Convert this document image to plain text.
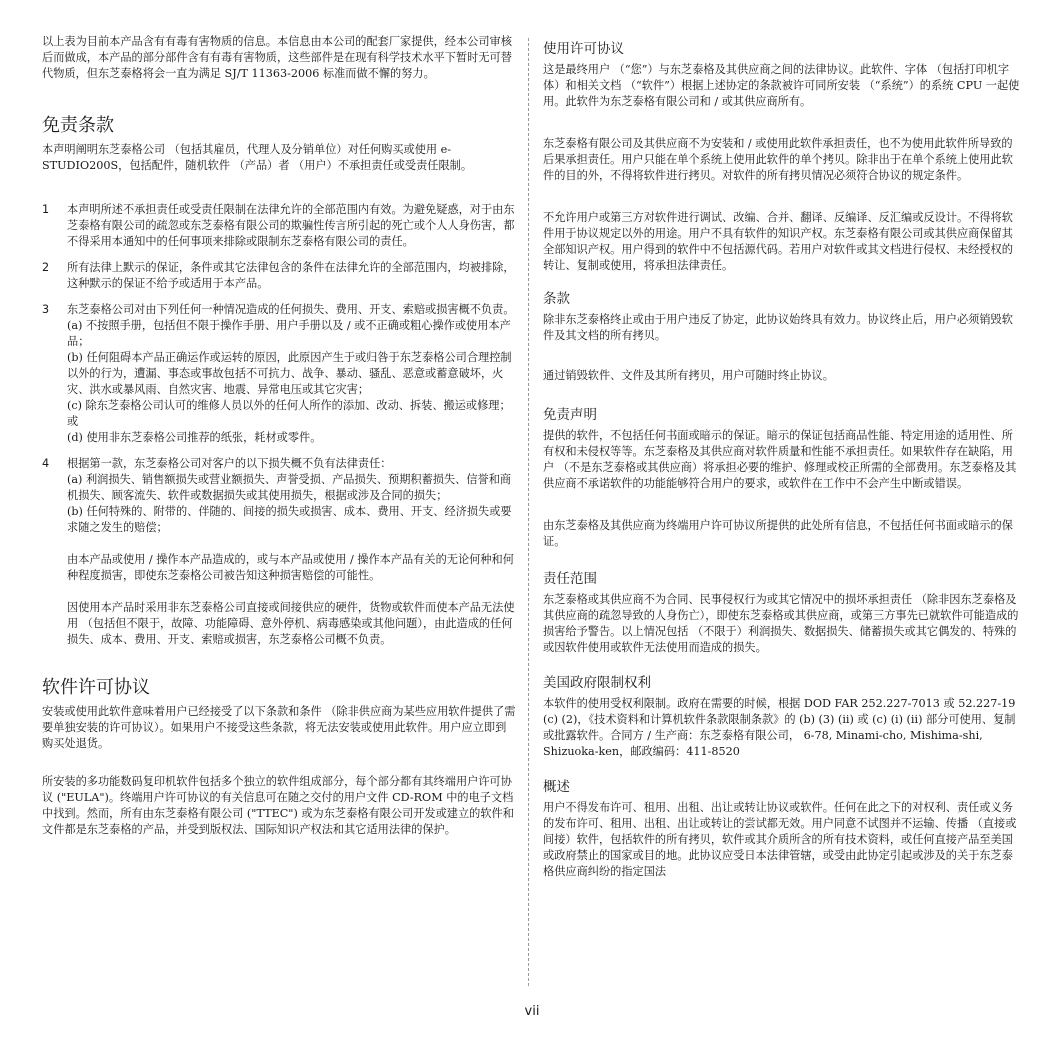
以上表为目前本产品含有有毒有害物质的信息。本信息由本公司的配套厂家提供，经本公司审核后而做成，本产品的部分部件含有有毒有害物质，这些部件是在现有科学技术水平下暂时无可替代物质，但东芝泰格将会一直为满足 SJ/T 11363-2006 标准而做不懈的努力。

免责条款

本声明阐明东芝泰格公司 （包括其雇员，代理人及分销单位）对任何购买或使用 e-STUDIO200S，包括配件，随机软件 （产品）者 （用户）不承担责任或受责任限制。

1	本声明所述不承担责任或受责任限制在法律允许的全部范围内有效。为避免疑惑，对于由东芝泰格有限公司的疏忽或东芝泰格有限公司的欺骗性传言所引起的死亡或个人人身伤害，都不得采用本通知中的任何事项来排除或限制东芝泰格有限公司的责任。

2	所有法律上默示的保证，条件或其它法律包含的条件在法律允许的全部范围内，均被排除，这种默示的保证不给予或适用于本产品。

3	东芝泰格公司对由下列任何一种情况造成的任何损失、费用、开支、索赔或损害概不负责。

(a) 不按照手册，包括但不限于操作手册、用户手册以及 / 或不正确或粗心操作或使用本产品；

(b) 任何阻碍本产品正确运作或运转的原因，此原因产生于或归咎于东芝泰格公司合理控制以外的行为，遭漏、事态或事故包括不可抗力、战争、暴动、骚乱、恶意或蓄意破坏，火灾、洪水或暴风雨、自然灾害、地震、异常电压或其它灾害；

(c) 除东芝泰格公司认可的维修人员以外的任何人所作的添加、改动、拆装、搬运或修理；或

(d) 使用非东芝泰格公司推荐的纸张，耗材或零件。

4	根据第一款，东芝泰格公司对客户的以下损失概不负有法律责任：

(a) 利润损失、销售额损失或营业额损失、声誉受损、产品损失、预期积蓄损失、信誉和商机损失、顾客流失、软件或数据损失或其使用损失，根据或涉及合同的损失；

(b) 任何特殊的、附带的、伴随的、间接的损失或损害、成本、费用、开支、经济损失或要求随之发生的赔偿；

由本产品或使用 / 操作本产品造成的，或与本产品或使用 / 操作本产品有关的无论何种和何种程度损害，即使东芝泰格公司被告知这种损害赔偿的可能性。

因使用本产品时采用非东芝泰格公司直接或间接供应的硬件，货物或软件而使本产品无法使用 （包括但不限于，故障、功能障碍、意外停机、病毒感染或其他问题），由此造成的任何损失、成本、费用、开支、索赔或损害，东芝泰格公司概不负责。

软件许可协议

安装或使用此软件意味着用户已经接受了以下条款和条件 （除非供应商为某些应用软件提供了需要单独安装的许可协议）。如果用户不接受这些条款，将无法安装或使用此软件。用户应立即到购买处退货。

所安装的多功能数码复印机软件包括多个独立的软件组成部分，每个部分都有其终端用户许可协议 ("EULA")。终端用户许可协议的有关信息可在随之交付的用户文件 CD-ROM 中的电子文档中找到。然而，所有由东芝泰格有限公司 ("TTEC") 或为东芝泰格有限公司开发或建立的软件和文件都是东芝泰格的产品，并受到版权法、国际知识产权法和其它适用法律的保护。

使用许可协议

这是最终用户 （“您”）与东芝泰格及其供应商之间的法律协议。此软件、字体 （包括打印机字体）和相关文档 （“软件”）根据上述协定的条款被许可同所安装 （“系统”）的系统 CPU 一起使用。此软件为东芝泰格有限公司和 / 或其供应商所有。

东芝泰格有限公司及其供应商不为安装和 / 或使用此软件承担责任，也不为使用此软件所导致的后果承担责任。用户只能在单个系统上使用此软件的单个拷贝。除非出于在单个系统上使用此软件的目的外，不得将软件进行拷贝。对软件的所有拷贝情况必须符合协议的规定条件。

不允许用户或第三方对软件进行调试、改编、合并、翻译、反编译、反汇编或反设计。不得将软件用于协议规定以外的用途。用户不具有软件的知识产权。东芝泰格有限公司或其供应商保留其全部知识产权。用户得到的软件中不包括源代码。若用户对软件或其文档进行侵权、未经授权的转让、复制或使用，将承担法律责任。

条款

除非东芝泰格终止或由于用户违反了协定，此协议始终具有效力。协议终止后，用户必须销毁软件及其文档的所有拷贝。

通过销毁软件、文件及其所有拷贝，用户可随时终止协议。

免责声明

提供的软件，不包括任何书面或暗示的保证。暗示的保证包括商品性能、特定用途的适用性、所有权和未侵权等等。东芝泰格及其供应商对软件质量和性能不承担责任。如果软件存在缺陷，用户 （不是东芝泰格或其供应商）将承担必要的维护、修理或校正所需的全部费用。东芝泰格及其供应商不承诺软件的功能能够符合用户的要求，或软件在工作中不会产生中断或错误。

由东芝泰格及其供应商为终端用户许可协议所提供的此处所有信息，不包括任何书面或暗示的保证。

责任范围

东芝泰格或其供应商不为合同、民事侵权行为或其它情况中的损坏承担责任 （除非因东芝泰格及其供应商的疏忽导致的人身伤亡），即使东芝泰格或其供应商，或第三方事先已就软件可能造成的损害给予警告。以上情况包括 （不限于）利润损失、数据损失、储蓄损失或其它偶发的、特殊的或因软件使用或软件无法使用而造成的损失。

美国政府限制权利

本软件的使用受权利限制。政府在需要的时候，根据 DOD FAR 252.227-7013 或 52.227-19 (c) (2)，《技术资料和计算机软件条款限制条款》的 (b) (3) (ii) 或 (c) (i) (ii) 部分可使用、复制或批露软件。合同方 / 生产商：东芝泰格有限公司， 6-78, Minami-cho, Mishima-shi, Shizuoka-ken，邮政编码：411-8520

概述

用户不得发布许可、租用、出租、出让或转让协议或软件。任何在此之下的对权利、责任或义务的发布许可、租用、出租、出让或转让的尝试都无效。用户同意不试图并不运输、传播 （直接或间接）软件，包括软件的所有拷贝，软件或其介质所含的所有技术资料，或任何直接产品至美国或政府禁止的国家或目的地。此协议应受日本法律管辖，或受由此协定引起或涉及的关于东芝泰格供应商纠纷的指定国法

vii
